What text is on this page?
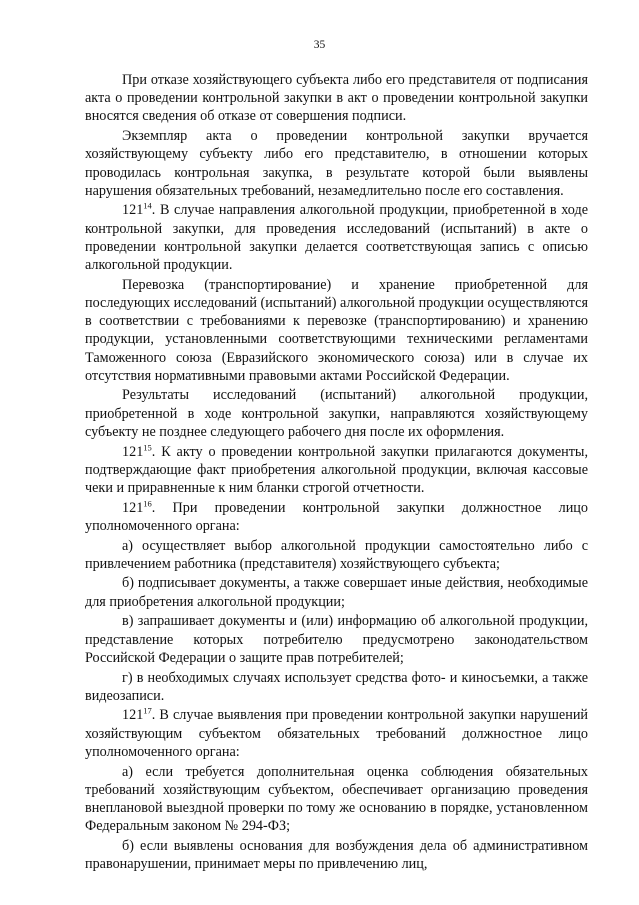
35

При отказе хозяйствующего субъекта либо его представителя от подписания акта о проведении контрольной закупки в акт о проведении контрольной закупки вносятся сведения об отказе от совершения подписи.

Экземпляр акта о проведении контрольной закупки вручается хозяйствующему субъекту либо его представителю, в отношении которых проводилась контрольная закупка, в результате которой были выявлены нарушения обязательных требований, незамедлительно после его составления.

$121^{14}$. В случае направления алкогольной продукции, приобретенной в ходе контрольной закупки, для проведения исследований (испытаний) в акте о проведении контрольной закупки делается соответствующая запись с описью алкогольной продукции.

Перевозка (транспортирование) и хранение приобретенной для последующих исследований (испытаний) алкогольной продукции осуществляются в соответствии с требованиями к перевозке (транспортированию) и хранению продукции, установленными соответствующими техническими регламентами Таможенного союза (Евразийского экономического союза) или в случае их отсутствия нормативными правовыми актами Российской Федерации.

Результаты исследований (испытаний) алкогольной продукции, приобретенной в ходе контрольной закупки, направляются хозяйствующему субъекту не позднее следующего рабочего дня после их оформления.

$121^{15}$. К акту о проведении контрольной закупки прилагаются документы, подтверждающие факт приобретения алкогольной продукции, включая кассовые чеки и приравненные к ним бланки строгой отчетности.

$121^{16}$. При проведении контрольной закупки должностное лицо уполномоченного органа:

а) осуществляет выбор алкогольной продукции самостоятельно либо с привлечением работника (представителя) хозяйствующего субъекта;

б) подписывает документы, а также совершает иные действия, необходимые для приобретения алкогольной продукции;

в) запрашивает документы и (или) информацию об алкогольной продукции, представление которых потребителю предусмотрено законодательством Российской Федерации о защите прав потребителей;

г) в необходимых случаях использует средства фото- и киносъемки, а также видеозаписи.

$121^{17}$. В случае выявления при проведении контрольной закупки нарушений хозяйствующим субъектом обязательных требований должностное лицо уполномоченного органа:

а) если требуется дополнительная оценка соблюдения обязательных требований хозяйствующим субъектом, обеспечивает организацию проведения внеплановой выездной проверки по тому же основанию в порядке, установленном Федеральным законом № 294-ФЗ;

б) если выявлены основания для возбуждения дела об административном правонарушении, принимает меры по привлечению лиц,
